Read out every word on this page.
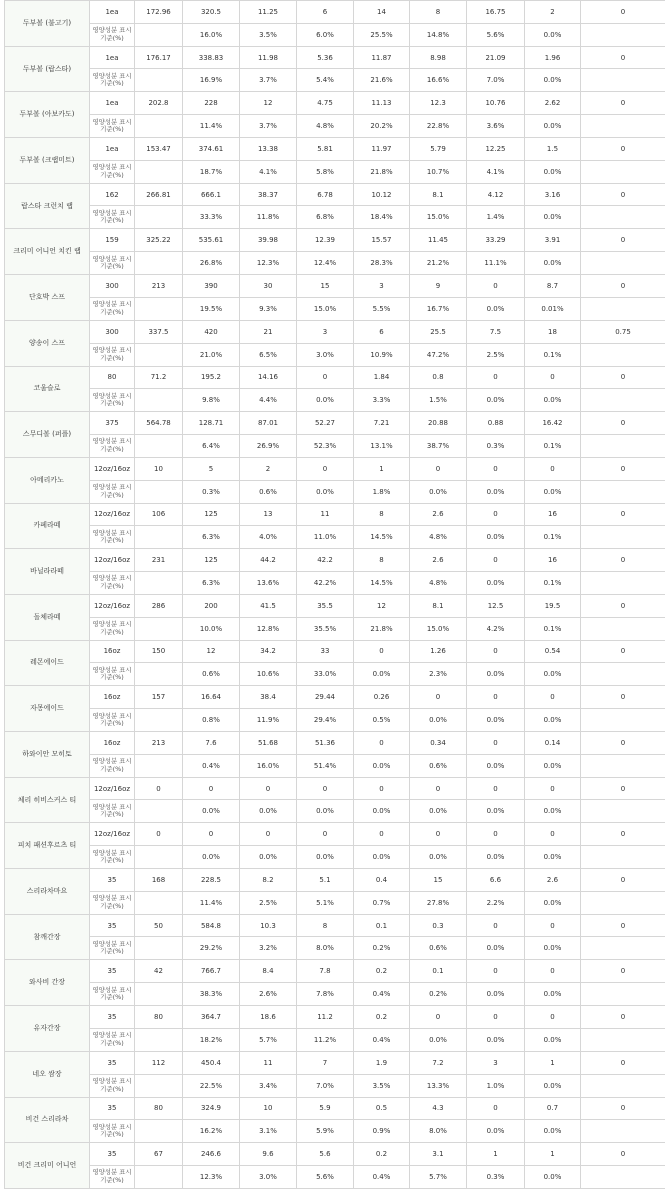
두부볼 (불고기)	1ea	172.96	320.5	11.25	6	14	8	16.75	2	0
	영양성분 표시기준(%)		16.0%	3.5%	6.0%	25.5%	14.8%	5.6%	0.0%	
두부볼 (랍스타)	1ea	176.17	338.83	11.98	5.36	11.87	8.98	21.09	1.96	0
	영양성분 표시기준(%)		16.9%	3.7%	5.4%	21.6%	16.6%	7.0%	0.0%	
두부볼 (아보카도)	1ea	202.8	228	12	4.75	11.13	12.3	10.76	2.62	0
	영양성분 표시기준(%)		11.4%	3.7%	4.8%	20.2%	22.8%	3.6%	0.0%	
두부볼 (크랩미트)	1ea	153.47	374.61	13.38	5.81	11.97	5.79	12.25	1.5	0
	영양성분 표시기준(%)		18.7%	4.1%	5.8%	21.8%	10.7%	4.1%	0.0%	
랍스타 크런치 랩	162	266.81	666.1	38.37	6.78	10.12	8.1	4.12	3.16	0
	영양성분 표시기준(%)		33.3%	11.8%	6.8%	18.4%	15.0%	1.4%	0.0%	
크리미 어니언 치킨 랩	159	325.22	535.61	39.98	12.39	15.57	11.45	33.29	3.91	0
	영양성분 표시기준(%)		26.8%	12.3%	12.4%	28.3%	21.2%	11.1%	0.0%	
단호박 스프	300	213	390	30	15	3	9	0	8.7	0
	영양성분 표시기준(%)		19.5%	9.3%	15.0%	5.5%	16.7%	0.0%	0.01%	
양송이 스프	300	337.5	420	21	3	6	25.5	7.5	18	0.75
	영양성분 표시기준(%)		21.0%	6.5%	3.0%	10.9%	47.2%	2.5%	0.1%	
코울슬로	80	71.2	195.2	14.16	0	1.84	0.8	0	0	0
	영양성분 표시기준(%)		9.8%	4.4%	0.0%	3.3%	1.5%	0.0%	0.0%	
스무디볼 (퍼플)	375	564.78	128.71	87.01	52.27	7.21	20.88	0.88	16.42	0
	영양성분 표시기준(%)		6.4%	26.9%	52.3%	13.1%	38.7%	0.3%	0.1%	
아메리카노	12oz/16oz	10	5	2	0	1	0	0	0	0
	영양성분 표시기준(%)		0.3%	0.6%	0.0%	1.8%	0.0%	0.0%	0.0%	
카페라떼	12oz/16oz	106	125	13	11	8	2.6	0	16	0
	영양성분 표시기준(%)		6.3%	4.0%	11.0%	14.5%	4.8%	0.0%	0.1%	
바닐라라떼	12oz/16oz	231	125	44.2	42.2	8	2.6	0	16	0
	영양성분 표시기준(%)		6.3%	13.6%	42.2%	14.5%	4.8%	0.0%	0.1%	
돌체라떼	12oz/16oz	286	200	41.5	35.5	12	8.1	12.5	19.5	0
	영양성분 표시기준(%)		10.0%	12.8%	35.5%	21.8%	15.0%	4.2%	0.1%	
레몬에이드	16oz	150	12	34.2	33	0	1.26	0	0.54	0
	영양성분 표시기준(%)		0.6%	10.6%	33.0%	0.0%	2.3%	0.0%	0.0%	
자몽에이드	16oz	157	16.64	38.4	29.44	0.26	0	0	0	0
	영양성분 표시기준(%)		0.8%	11.9%	29.4%	0.5%	0.0%	0.0%	0.0%	
하와이안 모히토	16oz	213	7.6	51.68	51.36	0	0.34	0	0.14	0
	영양성분 표시기준(%)		0.4%	16.0%	51.4%	0.0%	0.6%	0.0%	0.0%	
체리 히비스커스 티	12oz/16oz	0	0	0	0	0	0	0	0	0
	영양성분 표시기준(%)		0.0%	0.0%	0.0%	0.0%	0.0%	0.0%	0.0%	
피치 패션후르츠 티	12oz/16oz	0	0	0	0	0	0	0	0	0
	영양성분 표시기준(%)		0.0%	0.0%	0.0%	0.0%	0.0%	0.0%	0.0%	
스리라차마요	35	168	228.5	8.2	5.1	0.4	15	6.6	2.6	0
	영양성분 표시기준(%)		11.4%	2.5%	5.1%	0.7%	27.8%	2.2%	0.0%	
참깨간장	35	50	584.8	10.3	8	0.1	0.3	0	0	0
	영양성분 표시기준(%)		29.2%	3.2%	8.0%	0.2%	0.6%	0.0%	0.0%	
와사비 간장	35	42	766.7	8.4	7.8	0.2	0.1	0	0	0
	영양성분 표시기준(%)		38.3%	2.6%	7.8%	0.4%	0.2%	0.0%	0.0%	
유자간장	35	80	364.7	18.6	11.2	0.2	0	0	0	0
	영양성분 표시기준(%)		18.2%	5.7%	11.2%	0.4%	0.0%	0.0%	0.0%	
네오 쌈장	35	112	450.4	11	7	1.9	7.2	3	1	0
	영양성분 표시기준(%)		22.5%	3.4%	7.0%	3.5%	13.3%	1.0%	0.0%	
비건 스리라차	35	80	324.9	10	5.9	0.5	4.3	0	0.7	0
	영양성분 표시기준(%)		16.2%	3.1%	5.9%	0.9%	8.0%	0.0%	0.0%	
비건 크리미 어니언	35	67	246.6	9.6	5.6	0.2	3.1	1	1	0
	영양성분 표시기준(%)		12.3%	3.0%	5.6%	0.4%	5.7%	0.3%	0.0%	
